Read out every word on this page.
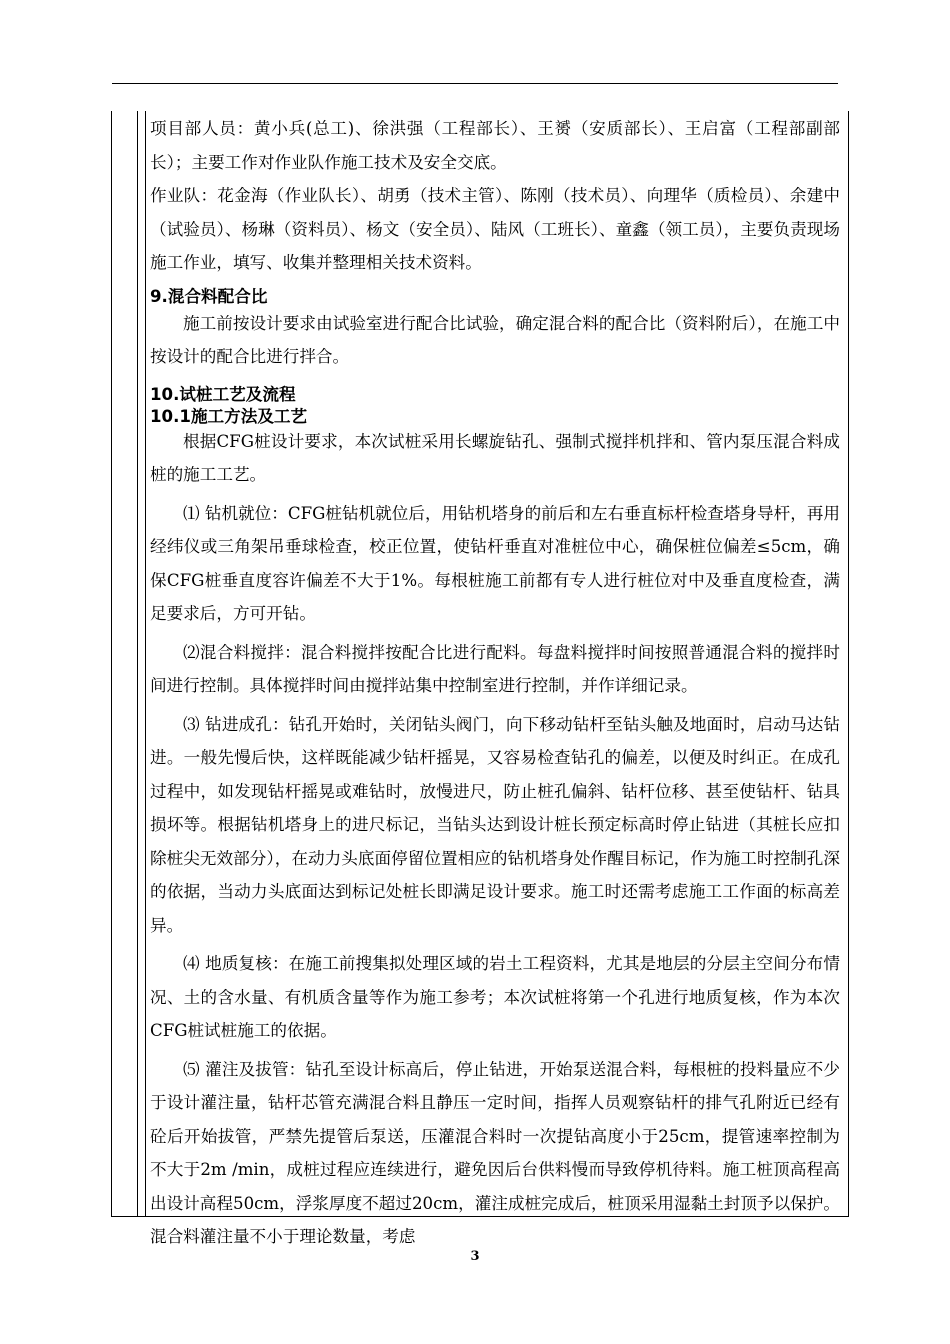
项目部人员：黄小兵(总工)、徐洪强（工程部长）、王赟（安质部长）、王启富（工程部副部长）；主要工作对作业队作施工技术及安全交底。

作业队：花金海（作业队长）、胡勇（技术主管）、陈刚（技术员）、向理华（质检员）、余建中（试验员）、杨琳（资料员）、杨文（安全员）、陆风（工班长）、童鑫（领工员），主要负责现场施工作业，填写、收集并整理相关技术资料。

9.混合料配合比

施工前按设计要求由试验室进行配合比试验，确定混合料的配合比（资料附后），在施工中按设计的配合比进行拌合。

10.试桩工艺及流程

10.1施工方法及工艺

根据CFG桩设计要求，本次试桩采用长螺旋钻孔、强制式搅拌机拌和、管内泵压混合料成桩的施工工艺。

⑴ 钻机就位：CFG桩钻机就位后，用钻机塔身的前后和左右垂直标杆检查塔身导杆，再用经纬仪或三角架吊垂球检查，校正位置，使钻杆垂直对准桩位中心，确保桩位偏差≤5cm，确保CFG桩垂直度容许偏差不大于1%。每根桩施工前都有专人进行桩位对中及垂直度检查，满足要求后，方可开钻。

⑵混合料搅拌：混合料搅拌按配合比进行配料。每盘料搅拌时间按照普通混合料的搅拌时间进行控制。具体搅拌时间由搅拌站集中控制室进行控制，并作详细记录。

⑶ 钻进成孔：钻孔开始时，关闭钻头阀门，向下移动钻杆至钻头触及地面时，启动马达钻进。一般先慢后快，这样既能减少钻杆摇晃，又容易检查钻孔的偏差，以便及时纠正。在成孔过程中，如发现钻杆摇晃或难钻时，放慢进尺，防止桩孔偏斜、钻杆位移、甚至使钻杆、钻具损坏等。根据钻机塔身上的进尺标记，当钻头达到设计桩长预定标高时停止钻进（其桩长应扣除桩尖无效部分），在动力头底面停留位置相应的钻机塔身处作醒目标记，作为施工时控制孔深的依据，当动力头底面达到标记处桩长即满足设计要求。施工时还需考虑施工工作面的标高差异。

⑷ 地质复核：在施工前搜集拟处理区域的岩土工程资料，尤其是地层的分层主空间分布情况、土的含水量、有机质含量等作为施工参考；本次试桩将第一个孔进行地质复核，作为本次CFG桩试桩施工的依据。

⑸ 灌注及拔管：钻孔至设计标高后，停止钻进，开始泵送混合料，每根桩的投料量应不少于设计灌注量，钻杆芯管充满混合料且静压一定时间，指挥人员观察钻杆的排气孔附近已经有砼后开始拔管，严禁先提管后泵送，压灌混合料时一次提钻高度小于25cm，提管速率控制为不大于2m /min，成桩过程应连续进行，避免因后台供料慢而导致停机待料。施工桩顶高程高出设计高程50cm，浮浆厚度不超过20cm，灌注成桩完成后，桩顶采用湿黏土封顶予以保护。混合料灌注量不小于理论数量，考虑

3
